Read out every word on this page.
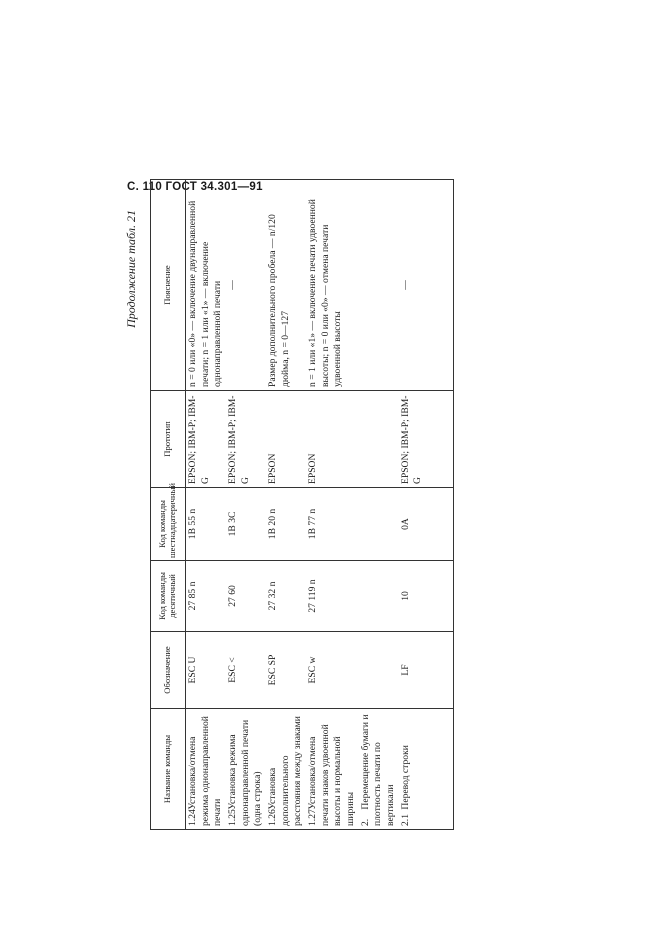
С. 110 ГОСТ 34.301—91
Продолжение табл. 21
Название команды	Обозначение	Код команды десятичный	Код команды шестнадцатеричный	Прототип	Пояснение
1.24 Установка/отмена режима однонаправленной печати	ESC U	27 85 n	1B 55 n	EPSON; IBM-P; IBM-G	n = 0 или «0» — включение двунаправленной печати; n = 1 или «1» — включение однонаправленной печати
1.25 Установка режима однонаправленной печати (одна строка)	ESC <	27 60	1B 3C	EPSON; IBM-P; IBM-G	—
1.26 Установка дополнительного расстояния между знаками	ESC SP	27 32 n	1B 20 n	EPSON	Размер дополнительного пробела — n/120 дюйма, n = 0—127
1.27 Установка/отмена печати знаков удвоенной высоты и нормальной ширины	ESC w	27 119 n	1B 77 n	EPSON	n = 1 или «1» — включение печати удвоенной высоты; n = 0 или «0» — отмена печати удвоенной высоты
2. Перемещение бумаги и плотность печати по вертикали					
2.1 Перевод строки	LF	10	0A	EPSON; IBM-P; IBM-G	—
